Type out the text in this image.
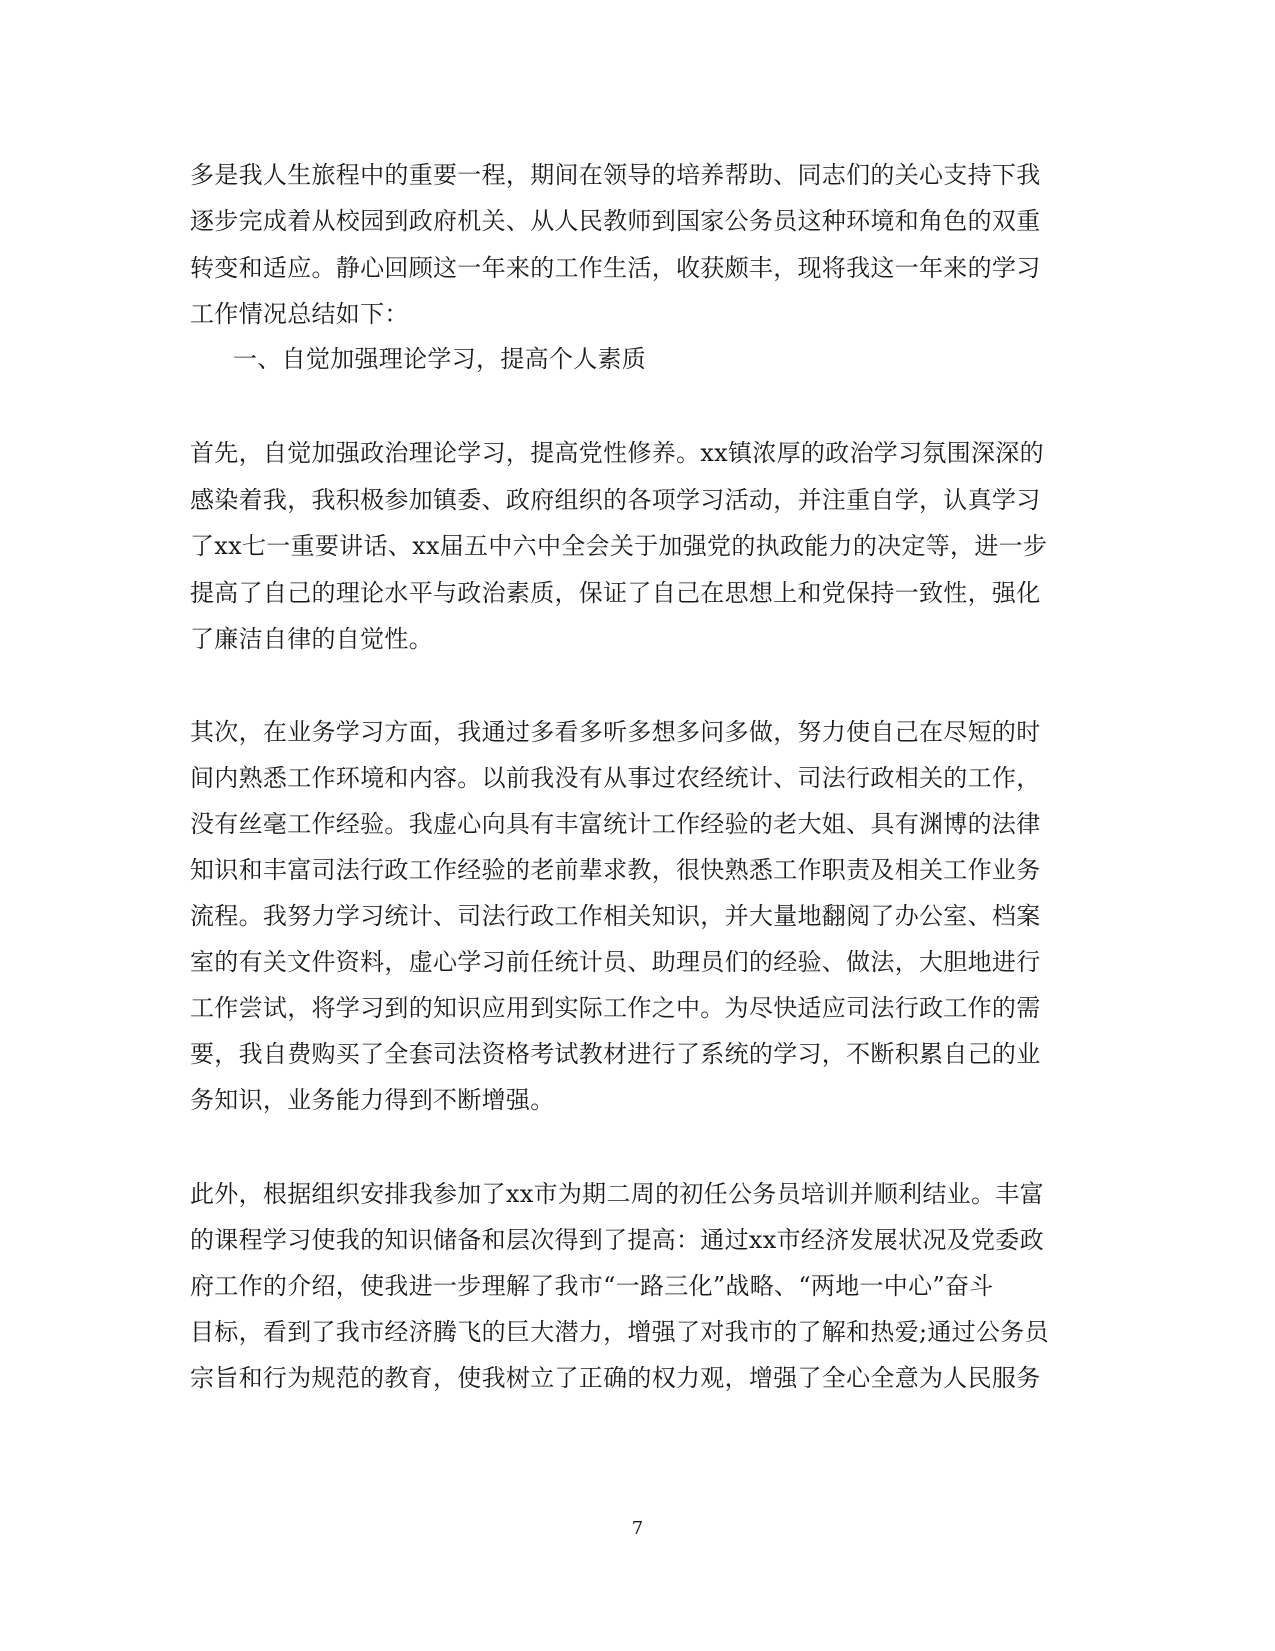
多是我人生旅程中的重要一程，期间在领导的培养帮助、同志们的关心支持下我
逐步完成着从校园到政府机关、从人民教师到国家公务员这种环境和角色的双重
转变和适应。静心回顾这一年来的工作生活，收获颇丰，现将我这一年来的学习
工作情况总结如下：
一、自觉加强理论学习，提高个人素质
首先，自觉加强政治理论学习，提高党性修养。xx镇浓厚的政治学习氛围深深的
感染着我，我积极参加镇委、政府组织的各项学习活动，并注重自学，认真学习
了xx七一重要讲话、xx届五中六中全会关于加强党的执政能力的决定等，进一步
提高了自己的理论水平与政治素质，保证了自己在思想上和党保持一致性，强化
了廉洁自律的自觉性。
其次，在业务学习方面，我通过多看多听多想多问多做，努力使自己在尽短的时
间内熟悉工作环境和内容。以前我没有从事过农经统计、司法行政相关的工作，
没有丝毫工作经验。我虚心向具有丰富统计工作经验的老大姐、具有渊博的法律
知识和丰富司法行政工作经验的老前辈求教，很快熟悉工作职责及相关工作业务
流程。我努力学习统计、司法行政工作相关知识，并大量地翻阅了办公室、档案
室的有关文件资料，虚心学习前任统计员、助理员们的经验、做法，大胆地进行
工作尝试，将学习到的知识应用到实际工作之中。为尽快适应司法行政工作的需
要，我自费购买了全套司法资格考试教材进行了系统的学习，不断积累自己的业
务知识，业务能力得到不断增强。
此外，根据组织安排我参加了xx市为期二周的初任公务员培训并顺利结业。丰富
的课程学习使我的知识储备和层次得到了提高：通过xx市经济发展状况及党委政
府工作的介绍，使我进一步理解了我市“一路三化”战略、“两地一中心”奋斗
目标，看到了我市经济腾飞的巨大潜力，增强了对我市的了解和热爱;通过公务员
宗旨和行为规范的教育，使我树立了正确的权力观，增强了全心全意为人民服务
7
